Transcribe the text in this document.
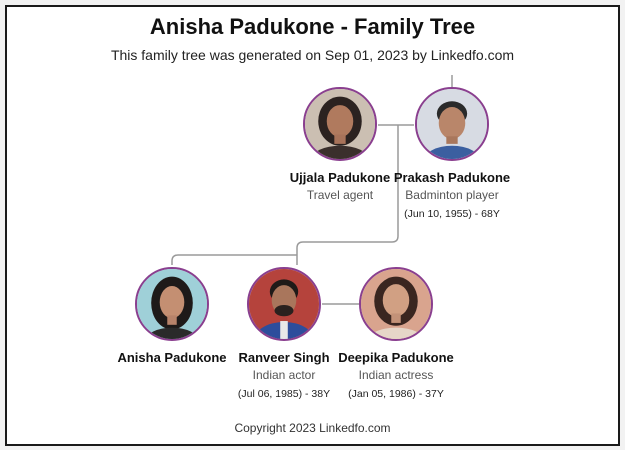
Anisha Padukone - Family Tree
This family tree was generated on Sep 01, 2023 by Linkedfo.com
Ujjala Padukone
Travel agent
Prakash Padukone
Badminton player
(Jun 10, 1955) - 68Y
Anisha Padukone Ranveer Singh
Indian actor
(Jul 06, 1985) - 38Y
Deepika Padukone
Indian actress
(Jan 05, 1986) - 37Y
Copyright 2023 Linkedfo.com
